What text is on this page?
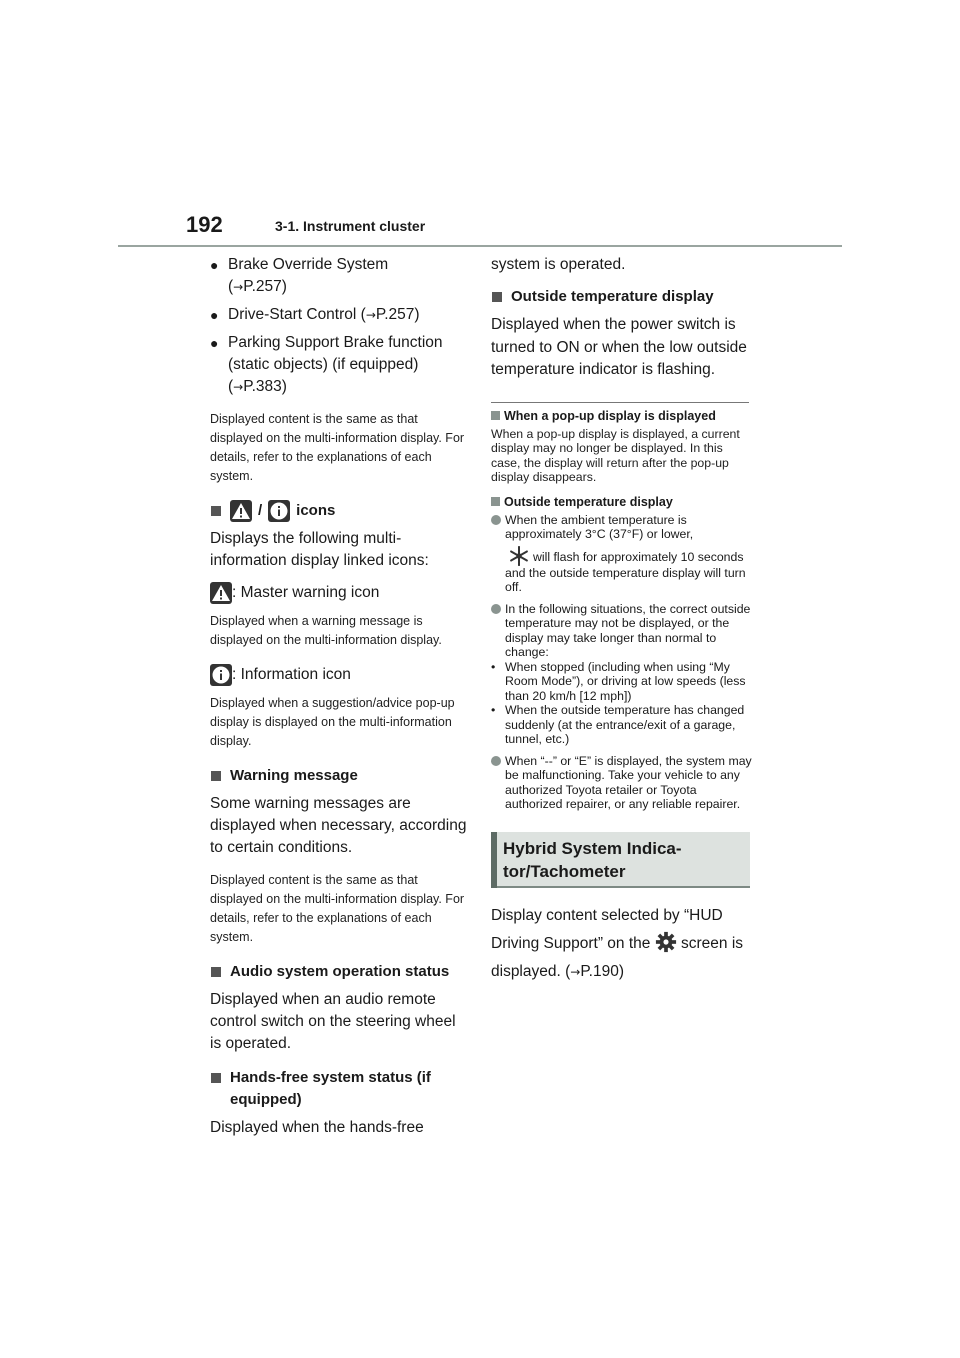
192	3-1. Instrument cluster
● Brake Override System
(→P.257)
● Drive-Start Control (→P.257)
● Parking Support Brake function (static objects) (if equipped)
(→P.383)
Displayed content is the same as that displayed on the multi-information display. For details, refer to the explanations of each system.
/ icons
Displays the following multi-information display linked icons:
: Master warning icon
Displayed when a warning message is displayed on the multi-information display.
: Information icon
Displayed when a suggestion/advice pop-up display is displayed on the multi-information display.
Warning message
Some warning messages are displayed when necessary, according to certain conditions.
Displayed content is the same as that displayed on the multi-information display. For details, refer to the explanations of each system.
Audio system operation status
Displayed when an audio remote control switch on the steering wheel is operated.
Hands-free system status (if equipped)
Displayed when the hands-free
system is operated.
Outside temperature display
Displayed when the power switch is turned to ON or when the low outside temperature indicator is flashing.
When a pop-up display is displayed
When a pop-up display is displayed, a current display may no longer be displayed. In this case, the display will return after the pop-up display disappears.
Outside temperature display
When the ambient temperature is approximately 3°C (37°F) or lower,
will flash for approximately 10 seconds and the outside temperature display will turn off.
In the following situations, the correct outside temperature may not be displayed, or the display may take longer than normal to change:
• When stopped (including when using “My Room Mode”), or driving at low speeds (less than 20 km/h [12 mph])
• When the outside temperature has changed suddenly (at the entrance/exit of a garage, tunnel, etc.)
When “--” or “E” is displayed, the system may be malfunctioning. Take your vehicle to any authorized Toyota retailer or Toyota authorized repairer, or any reliable repairer.
Hybrid System Indica-
tor/Tachometer
Display content selected by “HUD Driving Support” on the screen is displayed. (→P.190)
